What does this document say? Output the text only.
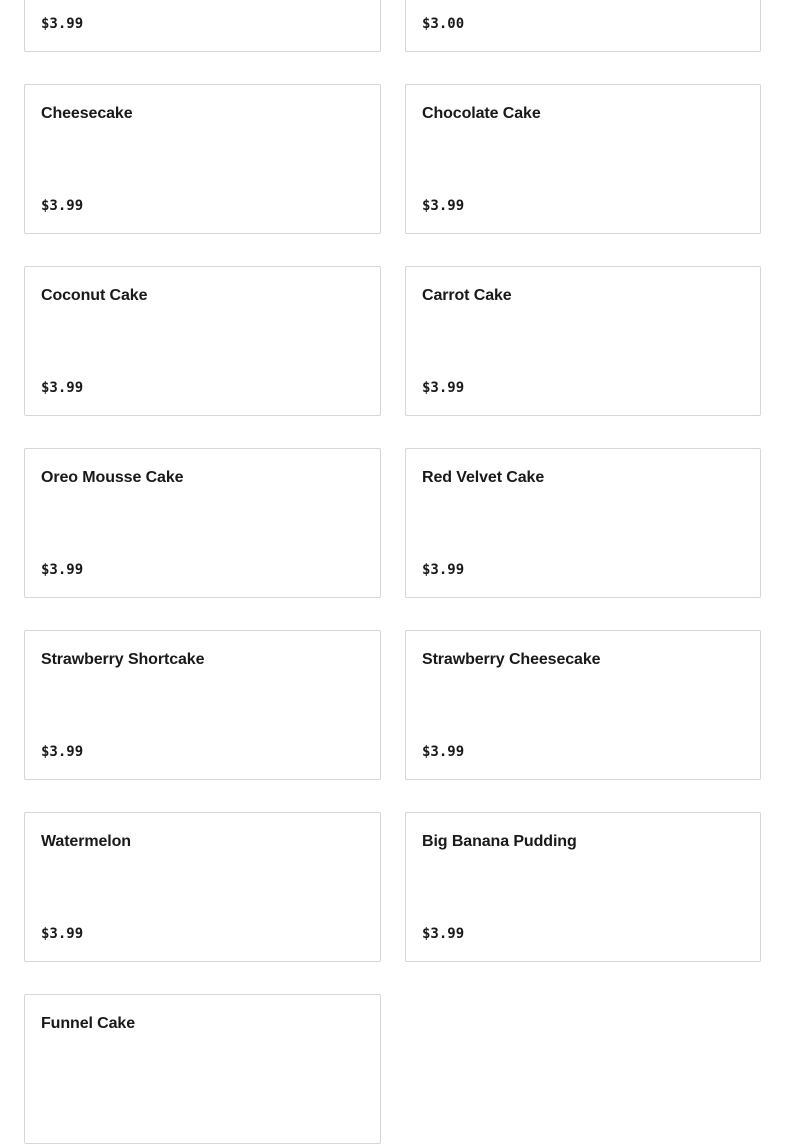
$3.99	$3.00
Cheesecake
$3.99
Chocolate Cake
$3.99
Coconut Cake
$3.99
Carrot Cake
$3.99
Oreo Mousse Cake
$3.99
Red Velvet Cake
$3.99
Strawberry Shortcake
$3.99
Strawberry Cheesecake
$3.99
Watermelon
$3.99
Big Banana Pudding
$3.99
Funnel Cake
